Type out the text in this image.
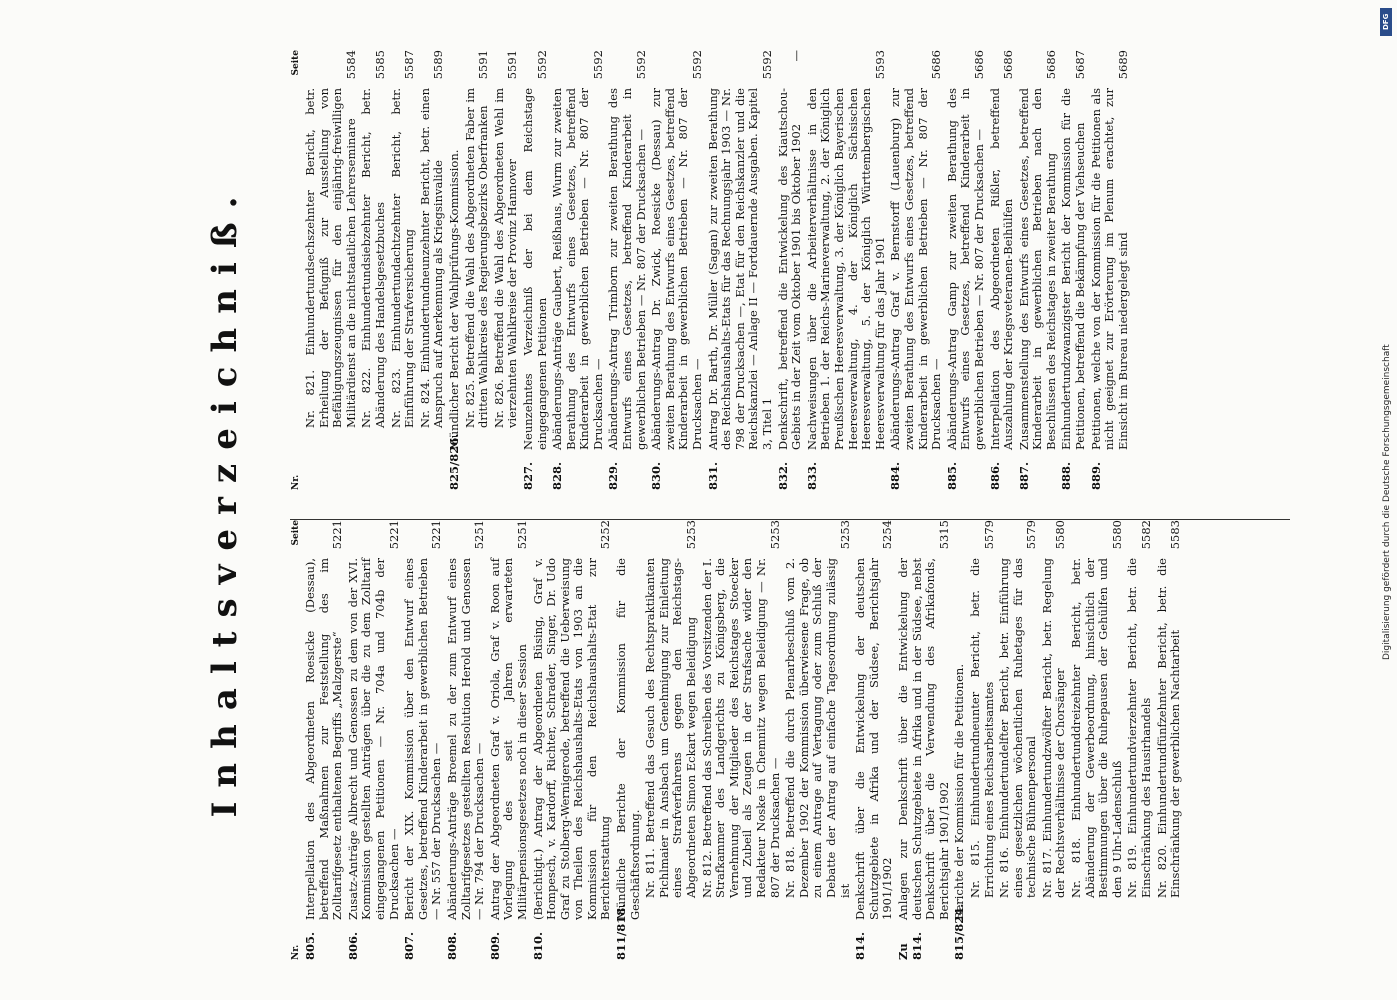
Inhaltsverzeichniß.
Nr.
Seite
805.
Interpellation des Abgeordneten Roesicke (Dessau), betreffend Maßnahmen zur Feststellung des im Zolltarifgesetz enthaltenen Begriffs „Malzgerste“
5221
806.
Zusatz-Anträge Albrecht und Genossen zu dem von der XVI. Kommission gestellten Anträgen über die zu dem Zolltarif eingegangenen Petitionen — Nr. 704a und 704b der Drucksachen —
5221
807.
Bericht der XIX. Kommission über den Entwurf eines Gesetzes, betreffend Kinderarbeit in gewerblichen Betrieben — Nr. 557 der Drucksachen —
5221
808.
Abänderungs-Anträge Broemel zu der zum Entwurf eines Zolltarifgesetzes gestellten Resolution Herold und Genossen — Nr. 794 der Drucksachen —
5251
809.
Antrag der Abgeordneten Graf v. Oriola, Graf v. Roon auf Vorlegung des seit Jahren erwarteten Militärpensionsgesetzes noch in dieser Session
5251
810.
(Berichtigt.) Antrag der Abgeordneten Büsing, Graf v. Hompesch, v. Kardorff, Richter, Schrader, Singer, Dr. Udo Graf zu Stolberg-Wernigerode, betreffend die Ueberweisung von Theilen des Reichshaushalts-Etats von 1903 an die Kommission für den Reichshaushalts-Etat zur Berichterstattung
5252
811/818.
Mündliche Berichte der Kommission für die Geschäftsordnung. Nr. 811. Betreffend das Gesuch des Rechtspraktikanten Pichlmaier in Ansbach um Genehmigung zur Einleitung eines Strafverfahrens gegen den Reichstags-Abgeordneten Simon Eckart wegen Beleidigung
5253
Nr. 812. Betreffend das Schreiben des Vorsitzenden der I. Strafkammer des Landgerichts zu Königsberg, die Vernehmung der Mitglieder des Reichstages Stoecker und Zubeil als Zeugen in der Strafsache wider den Redakteur Noske in Chemnitz wegen Beleidigung — Nr. 807 der Drucksachen —
5253
Nr. 818. Betreffend die durch Plenarbeschluß vom 2. Dezember 1902 der Kommission überwiesene Frage, ob zu einem Antrage auf Vertagung oder zum Schluß der Debatte der Antrag auf einfache Tagesordnung zulässig ist
5253
814.
Denkschrift über die Entwickelung der deutschen Schutzgebiete in Afrika und der Südsee, Berichtsjahr 1901/1902
5254
Zu 814.
Anlagen zur Denkschrift über die Entwickelung der deutschen Schutzgebiete in Afrika und in der Südsee, nebst Denkschrift über die Verwendung des Afrikafonds, Berichtsjahr 1901/1902
5315
815/824.
Berichte der Kommission für die Petitionen. Nr. 815. Einhundertundneunter Bericht, betr. die Errichtung eines Reichsarbeitsamtes
5579
Nr. 816. Einhundertundelfter Bericht, betr. Einführung eines gesetzlichen wöchentlichen Ruhetages für das technische Bühnenpersonal
5579
Nr. 817. Einhundertundzwölfter Bericht, betr. Regelung der Rechtsverhältnisse der Chorsänger
5580
Nr. 818. Einhundertunddreizehnter Bericht, betr. Abänderung der Gewerbeordnung, hinsichtlich der Bestimmungen über die Ruhepausen der Gehülfen und den 9 Uhr-Ladenschluß
5580
Nr. 819. Einhundertundvierzehnter Bericht, betr. die Einschränkung des Hausirhandels
5582
Nr. 820. Einhundertundfünfzehnter Bericht, betr. die Einschränkung der gewerblichen Nachtarbeit
5583
Nr.
Seite
Nr. 821. Einhundertundsechszehnter Bericht, betr. Erheilung der Befugniß zur Ausstellung von Befähigungszeugnissen für den einjährig-freiwilligen Militärdienst an die nichtstaatlichen Lehrerseminare
5584
Nr. 822. Einhundertundsiebzehnter Bericht, betr. Abänderung des Handelsgesetzbuches
5585
Nr. 823. Einhundertundachtzehnter Bericht, betr. Einführung der Strafversicherung
5587
Nr. 824. Einhundertundneunzehnter Bericht, betr. einen Anspruch auf Anerkennung als Kriegsinvalide
5589
825/826.
Mündlicher Bericht der Wahlprüfungs-Kommission. Nr. 825. Betreffend die Wahl des Abgeordneten Faber im dritten Wahlkreise des Regierungsbezirks Oberfranken
5591
Nr. 826. Betreffend die Wahl des Abgeordneten Wehl im vierzehnten Wahlkreise der Provinz Hannover
5591
827.
Neunzehntes Verzeichniß der bei dem Reichstage eingegangenen Petitionen
5592
828.
Abänderungs-Anträge Gaubert, Reißhaus, Wurm zur zweiten Berathung des Entwurfs eines Gesetzes, betreffend Kinderarbeit in gewerblichen Betrieben — Nr. 807 der Drucksachen —
5592
829.
Abänderungs-Antrag Trimborn zur zweiten Berathung des Entwurfs eines Gesetzes, betreffend Kinderarbeit in gewerblichen Betrieben — Nr. 807 der Drucksachen —
5592
830.
Abänderungs-Antrag Dr. Zwick, Roesicke (Dessau) zur zweiten Berathung des Entwurfs eines Gesetzes, betreffend Kinderarbeit in gewerblichen Betrieben — Nr. 807 der Drucksachen —
5592
831.
Antrag Dr. Barth, Dr. Müller (Sagan) zur zweiten Berathung des Reichshaushalts-Etats für das Rechnungsjahr 1903 — Nr. 798 der Drucksachen —, Etat für den Reichskanzler und die Reichskanzlei — Anlage II — Fortdauernde Ausgaben. Kapitel 3, Titel 1
5592
832.
Denkschrift, betreffend die Entwickelung des Kiautschou-Gebiets in der Zeit vom Oktober 1901 bis Oktober 1902
—
833.
Nachweisungen über die Arbeiterverhältnisse in den Betrieben 1. der Reichs-Marineverwaltung, 2. der Königlich Preußischen Heeresverwaltung, 3. der Königlich Bayerischen Heeresverwaltung, 4. der Königlich Sächsischen Heeresverwaltung, 5. der Königlich Württembergischen Heeresverwaltung für das Jahr 1901
5593
884.
Abänderungs-Antrag Graf v. Bernstorff (Lauenburg) zur zweiten Berathung des Entwurfs eines Gesetzes, betreffend Kinderarbeit in gewerblichen Betrieben — Nr. 807 der Drucksachen —
5686
885.
Abänderungs-Antrag Gamp zur zweiten Berathung des Entwurfs eines Gesetzes, betreffend Kinderarbeit in gewerblichen Betrieben — Nr. 807 der Drucksachen —
5686
886.
Interpellation des Abgeordneten Rißler, betreffend Auszahlung der Kriegsveteranen-Beihülfen
5686
887.
Zusammenstellung des Entwurfs eines Gesetzes, betreffend Kinderarbeit in gewerblichen Betrieben nach den Beschlüssen des Reichstages in zweiter Berathung
5686
888.
Einhundertundzwanzigster Bericht der Kommission für die Petitionen, betreffend die Bekämpfung der Viehseuchen
5687
889.
Petitionen, welche von der Kommission für die Petitionen als nicht geeignet zur Erörterung im Plenum erachtet, zur Einsicht im Bureau niedergelegt sind
5689
DFG
Digitalisierung gefördert durch die Deutsche Forschungsgemeinschaft
